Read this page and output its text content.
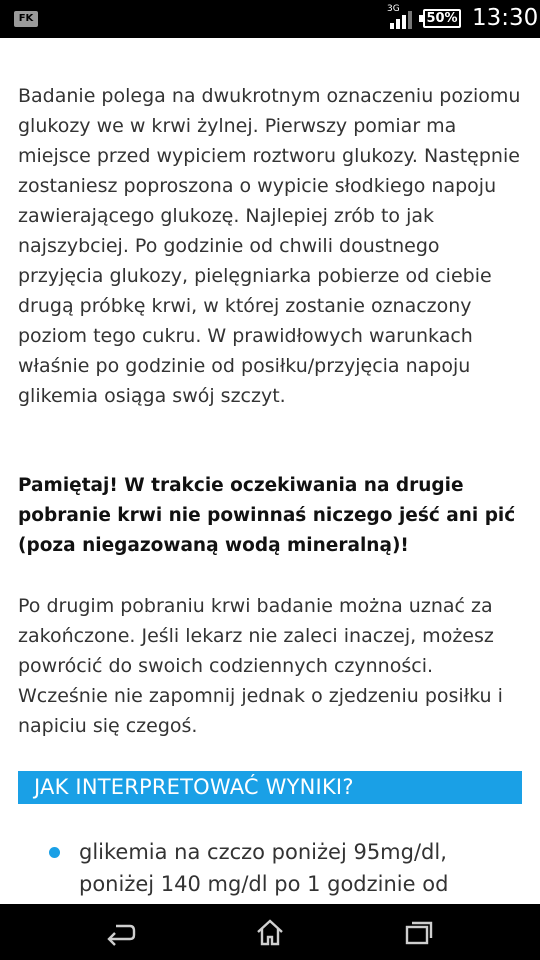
FK
3G
50% 13:30

Badanie polega na dwukrotnym oznaczeniu poziomu glukozy we w krwi żylnej. Pierwszy pomiar ma miejsce przed wypiciem roztworu glukozy. Następnie zostaniesz poproszona o wypicie słodkiego napoju zawierającego glukozę. Najlepiej zrób to jak najszybciej. Po godzinie od chwili doustnego przyjęcia glukozy, pielęgniarka pobierze od ciebie drugą próbkę krwi, w której zostanie oznaczony poziom tego cukru. W prawidłowych warunkach właśnie po godzinie od posiłku/przyjęcia napoju glikemia osiąga swój szczyt.

Pamiętaj! W trakcie oczekiwania na drugie pobranie krwi nie powinnaś niczego jeść ani pić (poza niegazowaną wodą mineralną)!

Po drugim pobraniu krwi badanie można uznać za zakończone. Jeśli lekarz nie zaleci inaczej, możesz powrócić do swoich codziennych czynności. Wcześnie nie zapomnij jednak o zjedzeniu posiłku i napiciu się czegoś.

JAK INTERPRETOWAĆ WYNIKI?

glikemia na czczo poniżej 95mg/dl, poniżej 140 mg/dl po 1 godzinie od
